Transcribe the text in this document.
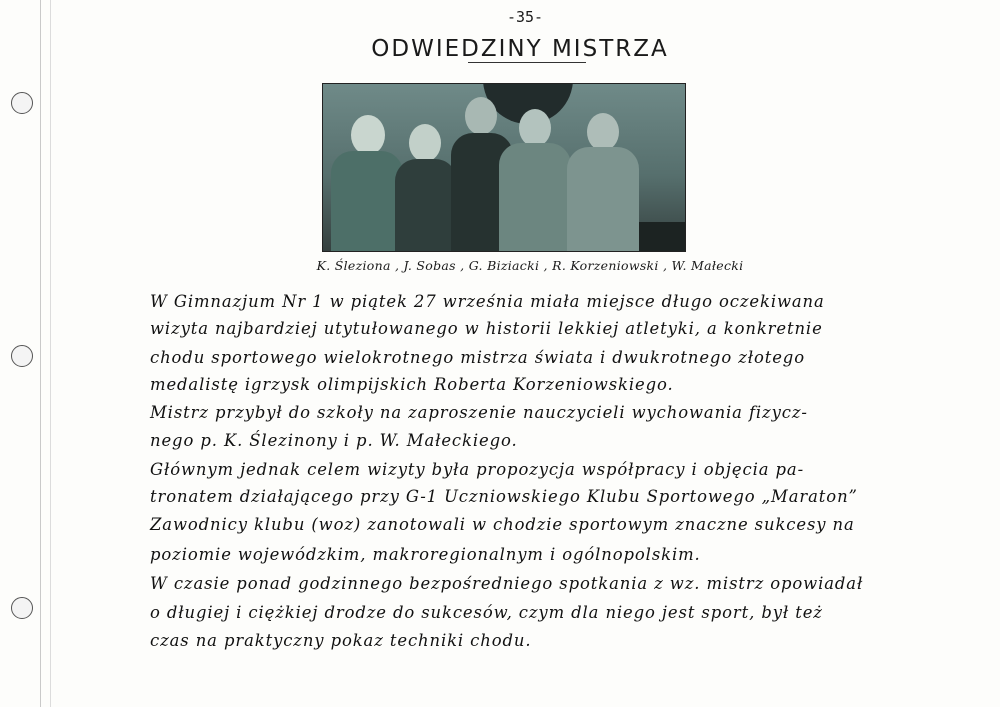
-35-
ODWIEDZINY MISTRZA
K. Śleziona , J. Sobas , G. Biziacki , R. Korzeniowski , W. Małecki
W Gimnazjum Nr 1 w piątek 27 września miała miejsce długo oczekiwana
wizyta najbardziej utytułowanego w historii lekkiej atletyki, a konkretnie
chodu sportowego wielokrotnego mistrza świata i dwukrotnego złotego
medalistę igrzysk olimpijskich Roberta Korzeniowskiego.
Mistrz przybył do szkoły na zaproszenie nauczycieli wychowania fizycz-
nego p. K. Ślezinony i p. W. Małeckiego.
Głównym jednak celem wizyty była propozycja współpracy i objęcia pa-
tronatem działającego przy G-1 Uczniowskiego Klubu Sportowego „Maraton”
Zawodnicy klubu (woz) zanotowali w chodzie sportowym znaczne sukcesy na
poziomie wojewódzkim, makroregionalnym i ogólnopolskim.
W czasie ponad godzinnego bezpośredniego spotkania z wz. mistrz opowiadał
o długiej i ciężkiej drodze do sukcesów, czym dla niego jest sport, był też
czas na praktyczny pokaz techniki chodu.
